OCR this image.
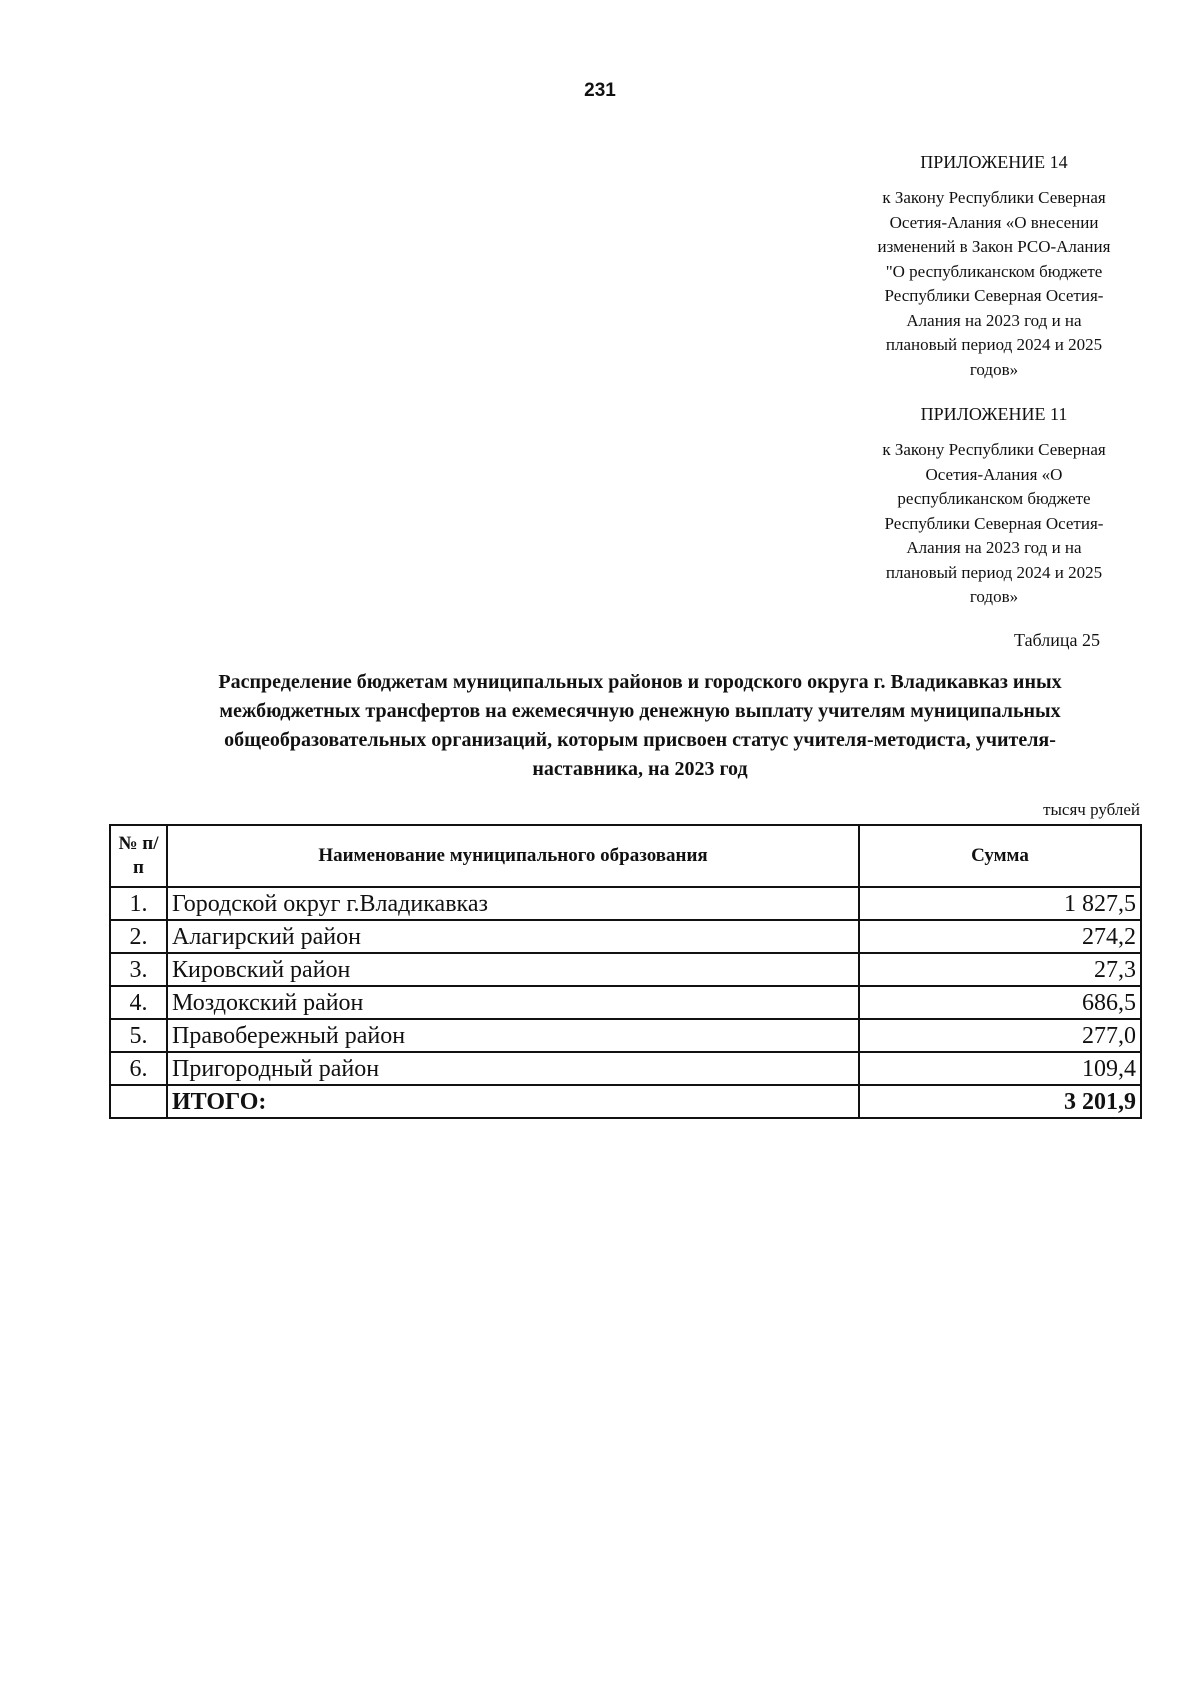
231
ПРИЛОЖЕНИЕ 14
к Закону Республики Северная
Осетия-Алания «О внесении
изменений в Закон РСО-Алания
"О республиканском бюджете
Республики Северная Осетия-
Алания на 2023 год и на
плановый период 2024 и 2025
годов»
ПРИЛОЖЕНИЕ 11
к Закону Республики Северная
Осетия-Алания «О
республиканском бюджете
Республики Северная Осетия-
Алания на 2023 год и на
плановый период 2024 и 2025
годов»
Таблица 25
Распределение бюджетам муниципальных районов и городского округа г. Владикавказ иных
межбюджетных трансфертов на ежемесячную денежную выплату учителям муниципальных
общеобразовательных организаций, которым присвоен статус учителя-методиста, учителя-
наставника, на 2023 год
тысяч рублей
№ п/п	Наименование муниципального образования	Сумма
1.	Городской округ г.Владикавказ	1 827,5
2.	Алагирский район	274,2
3.	Кировский район	27,3
4.	Моздокский район	686,5
5.	Правобережный район	277,0
6.	Пригородный район	109,4
	ИТОГО:	3 201,9
